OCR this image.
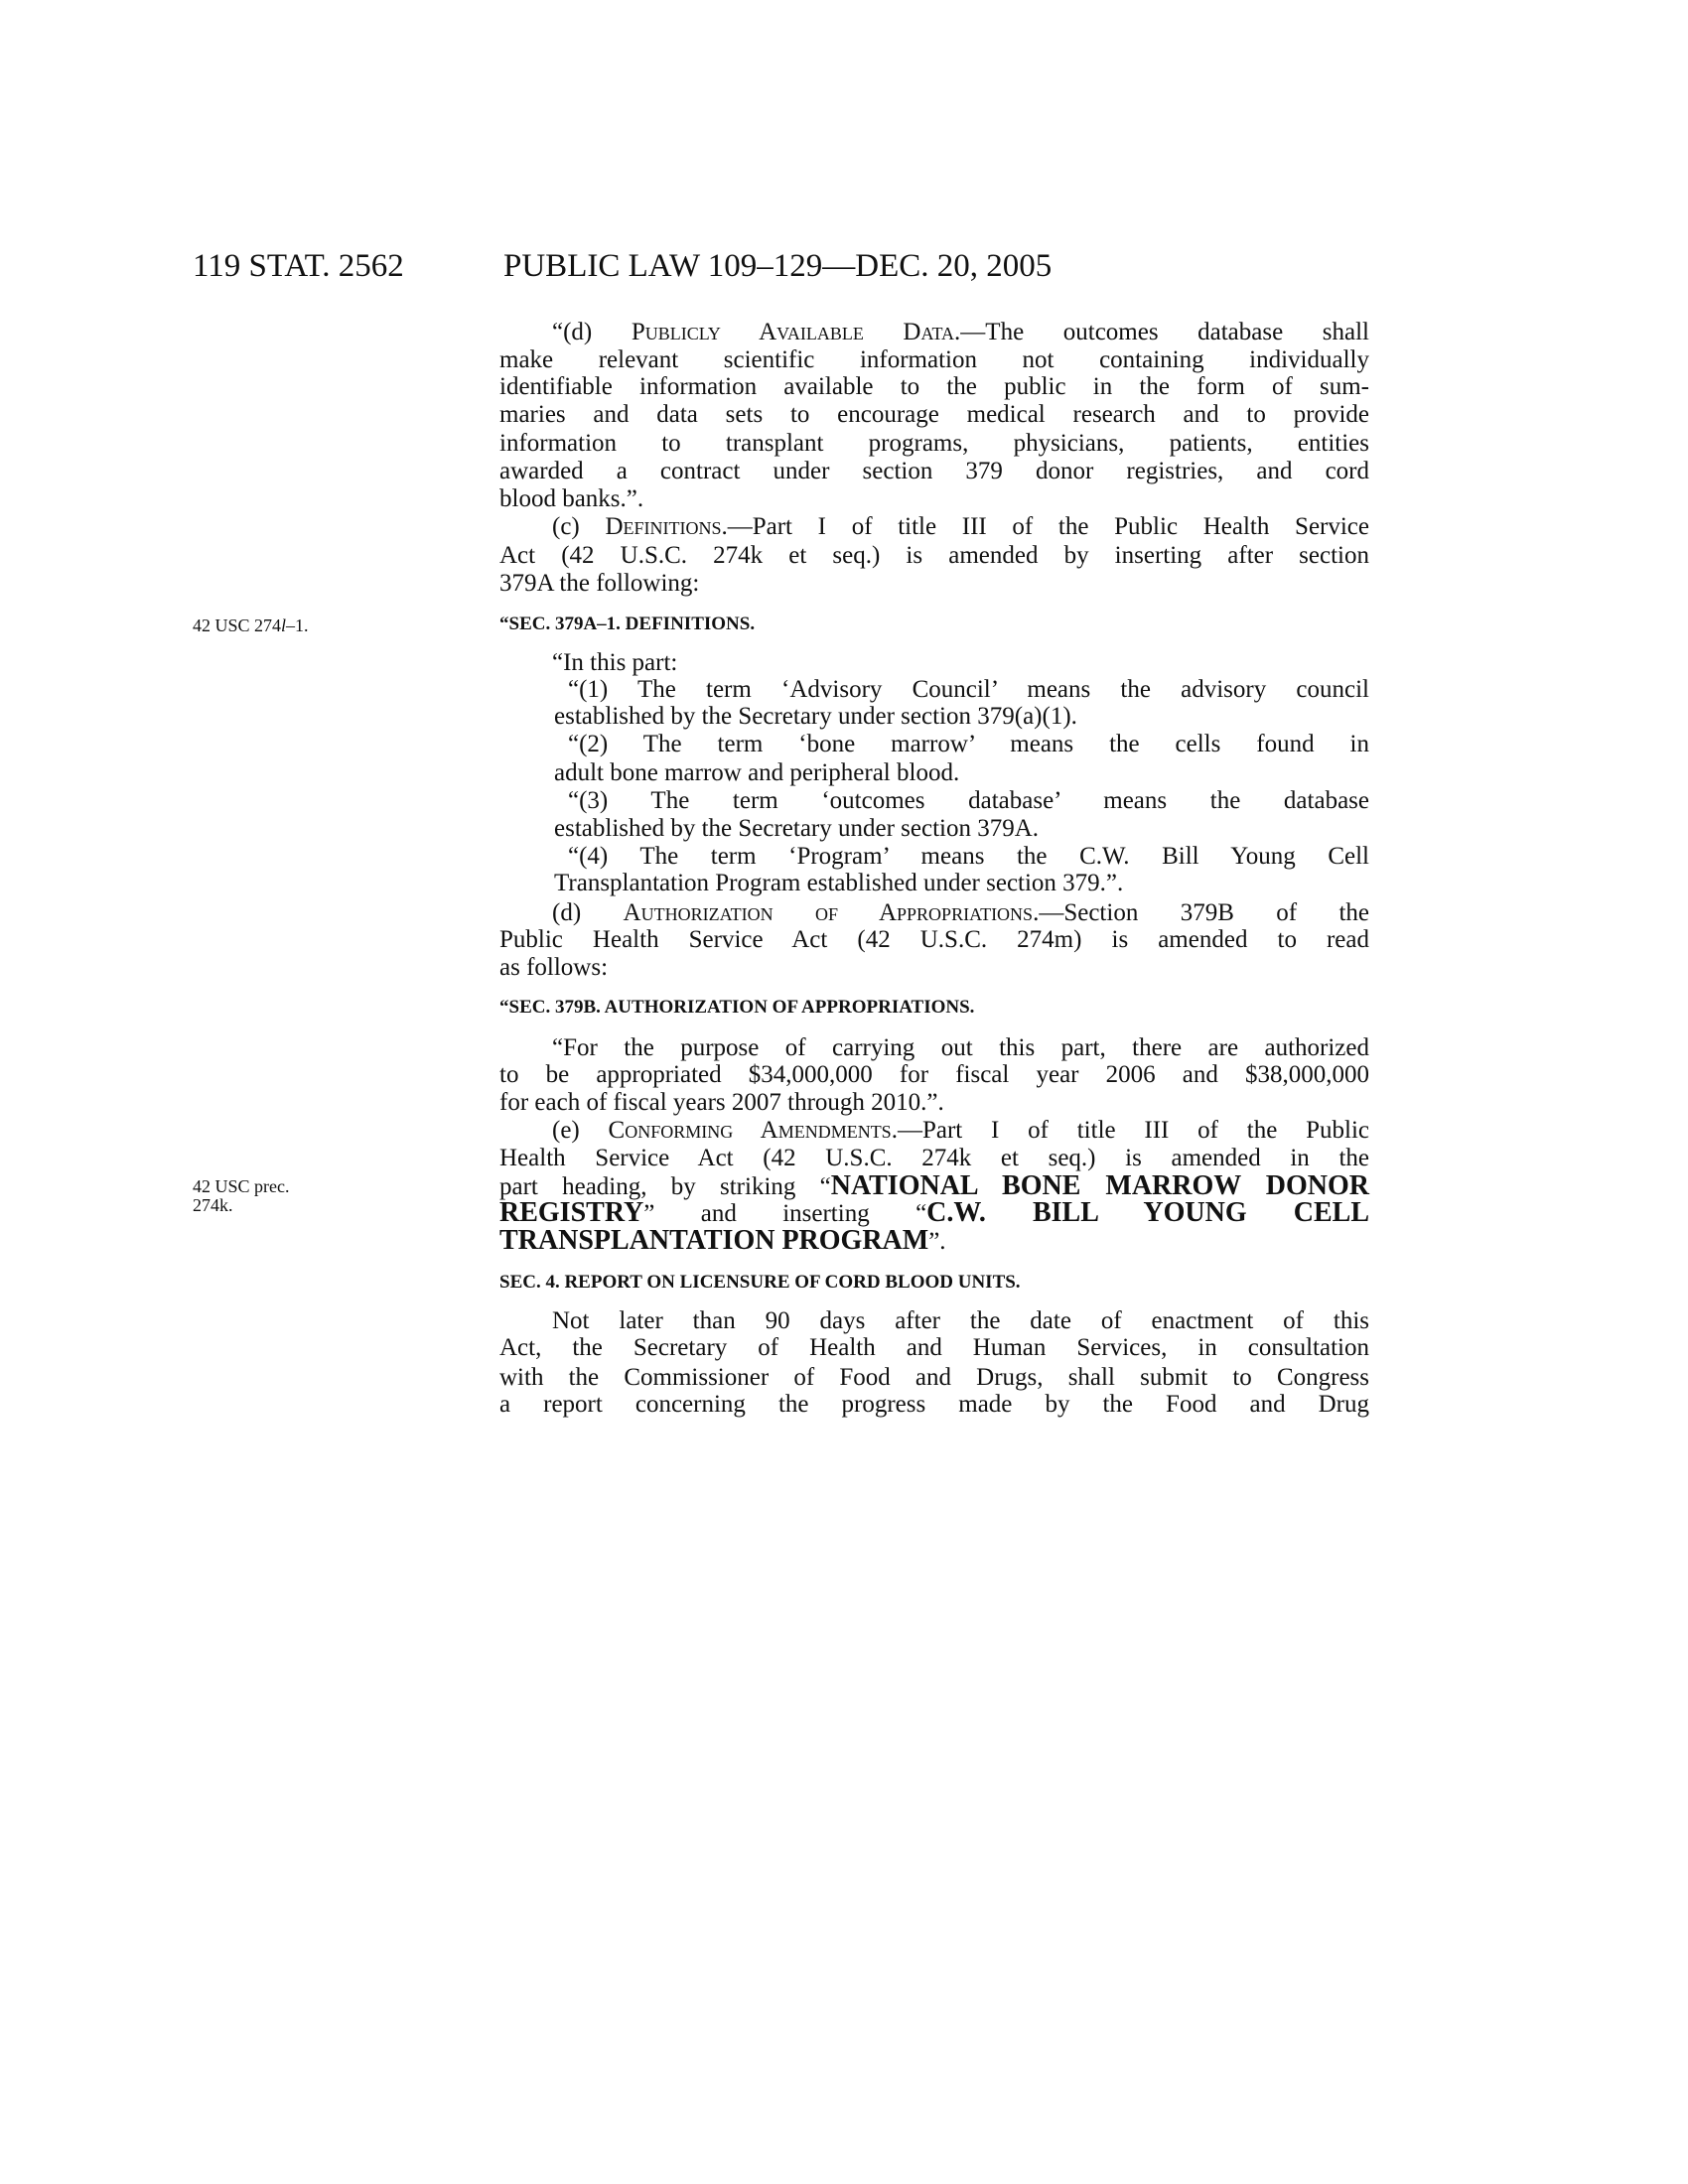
119 STAT. 2562	PUBLIC LAW 109–129—DEC. 20, 2005
“(d) Publicly Available Data.—The outcomes database shall
make relevant scientific information not containing individually
identifiable information available to the public in the form of sum-
maries and data sets to encourage medical research and to provide
information to transplant programs, physicians, patients, entities
awarded a contract under section 379 donor registries, and cord
blood banks.”.
(c) Definitions.—Part I of title III of the Public Health Service
Act (42 U.S.C. 274k et seq.) is amended by inserting after section
379A the following:
42 USC 274l–1.	“SEC. 379A–1. DEFINITIONS.
“In this part:
“(1) The term ‘Advisory Council’ means the advisory council
established by the Secretary under section 379(a)(1).
“(2) The term ‘bone marrow’ means the cells found in
adult bone marrow and peripheral blood.
“(3) The term ‘outcomes database’ means the database
established by the Secretary under section 379A.
“(4) The term ‘Program’ means the C.W. Bill Young Cell
Transplantation Program established under section 379.”.
(d) Authorization of Appropriations.—Section 379B of the
Public Health Service Act (42 U.S.C. 274m) is amended to read
as follows:
“SEC. 379B. AUTHORIZATION OF APPROPRIATIONS.
“For the purpose of carrying out this part, there are authorized
to be appropriated $34,000,000 for fiscal year 2006 and $38,000,000
for each of fiscal years 2007 through 2010.”.
(e) Conforming Amendments.—Part I of title III of the Public
Health Service Act (42 U.S.C. 274k et seq.) is amended in the
part heading, by striking “NATIONAL BONE MARROW DONOR
REGISTRY” and inserting “C.W. BILL YOUNG CELL
TRANSPLANTATION PROGRAM”.
42 USC prec.
274k.
SEC. 4. REPORT ON LICENSURE OF CORD BLOOD UNITS.
Not later than 90 days after the date of enactment of this
Act, the Secretary of Health and Human Services, in consultation
with the Commissioner of Food and Drugs, shall submit to Congress
a report concerning the progress made by the Food and Drug
